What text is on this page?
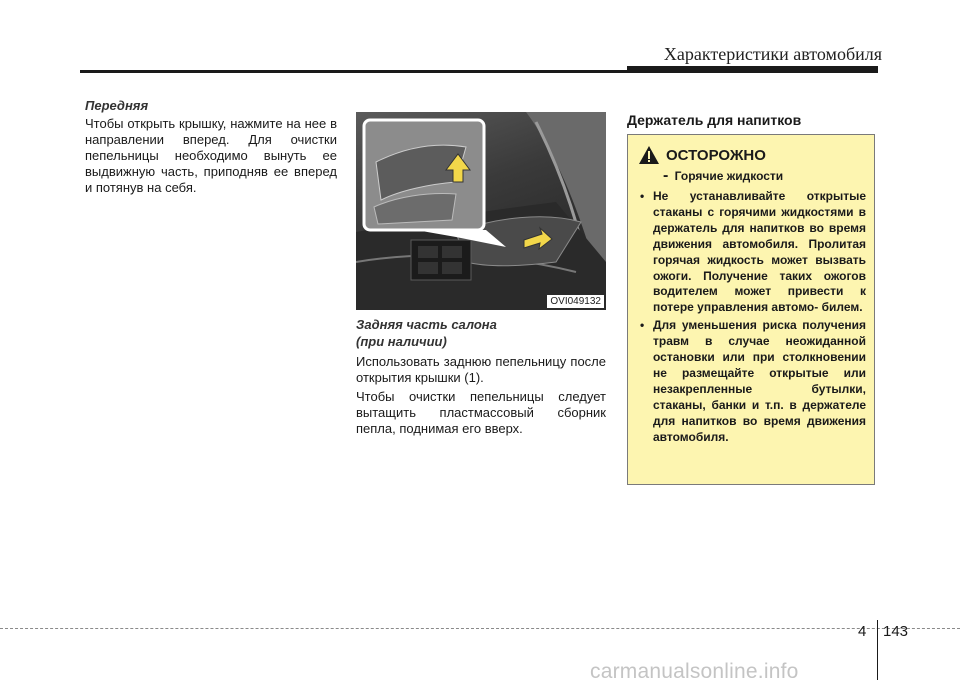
Характеристики автомобиля

Передняя

Чтобы открыть крышку, нажмите на нее в направлении вперед. Для очистки пепельницы необходимо вынуть ее выдвижную часть, приподняв ее вперед и потянув на себя.

OVI049132

Задняя часть салона

(при наличии)

Использовать заднюю пепельницу после открытия крышки (1).

Чтобы очистки пепельницы следует вытащить пластмассовый сборник пепла, поднимая его вверх.

Держатель для напитков
ОСТОРОЖНО
- Горячие жидкости
• Не устанавливайте открытые стаканы с горячими жидкостями в держатель для напитков во время движения автомобиля. Пролитая горячая жидкость может вызвать ожоги. Получение таких ожогов водителем может привести к потере управления автомо- билем.
• Для уменьшения риска получения травм в случае неожиданной остановки или при столкновении не размещайте открытые или незакрепленные бутылки, стаканы, банки и т.п. в держателе для напитков во время движения автомобиля.
4 143
carmanualsonline.info
